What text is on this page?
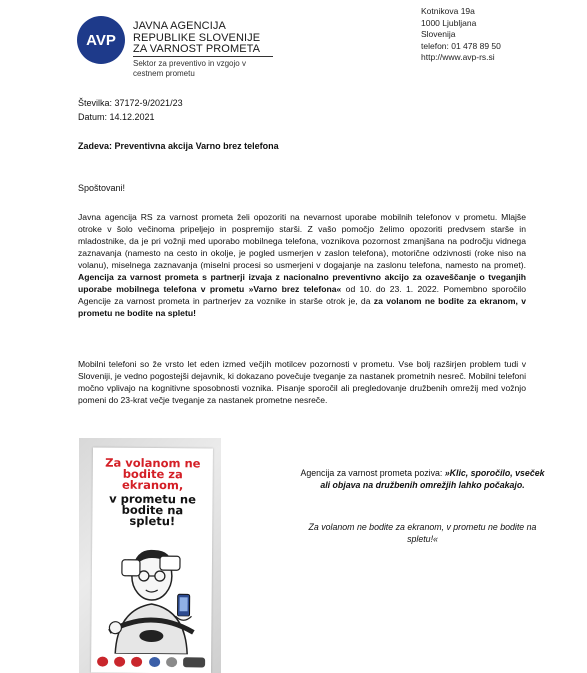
AVP
JAVNA AGENCIJA
REPUBLIKE SLOVENIJE
ZA VARNOST PROMETA
Sektor za preventivo in vzgojo v
cestnem prometu
Kotnikova 19a
1000 Ljubljana
Slovenija
telefon: 01 478 89 50
http://www.avp-rs.si
Številka: 37172-9/2021/23
Datum: 14.12.2021
Zadeva: Preventivna akcija Varno brez telefona
Spoštovani!
Javna agencija RS za varnost prometa želi opozoriti na nevarnost uporabe mobilnih telefonov v prometu. Mlajše otroke v šolo večinoma pripeljejo in pospremijo starši. Z vašo pomočjo želimo opozoriti predvsem starše in mladostnike, da je pri vožnji med uporabo mobilnega telefona, voznikova pozornost zmanjšana na področju vidnega zaznavanja (namesto na cesto in okolje, je pogled usmerjen v zaslon telefona), motorične odzivnosti (roke niso na volanu), miselnega zaznavanja (miselni procesi so usmerjeni v dogajanje na zaslonu telefona, namesto na promet). Agencija za varnost prometa s partnerji izvaja z nacionalno preventivno akcijo za ozaveščanje o tveganjih uporabe mobilnega telefona v prometu »Varno brez telefona« od 10. do 23. 1. 2022. Pomembno sporočilo Agencije za varnost prometa in partnerjev za voznike in starše otrok je, da za volanom ne bodite za ekranom, v prometu ne bodite na spletu!
Mobilni telefoni so že vrsto let eden izmed večjih motilcev pozornosti v prometu. Vse bolj razširjen problem tudi v Sloveniji, je vedno pogostejši dejavnik, ki dokazano povečuje tveganje za nastanek prometnih nesreč. Mobilni telefoni močno vplivajo na kognitivne sposobnosti voznika. Pisanje sporočil ali pregledovanje družbenih omrežij med vožnjo pomeni do 23-krat večje tveganje za nastanek prometne nesreče.
Za volanom ne
bodite za ekranom,
v prometu ne
bodite na spletu!
Agencija za varnost prometa poziva: »Klic, sporočilo, vseček ali objava na družbenih omrežjih lahko počakajo.
Za volanom ne bodite za ekranom, v prometu ne bodite na spletu!«
